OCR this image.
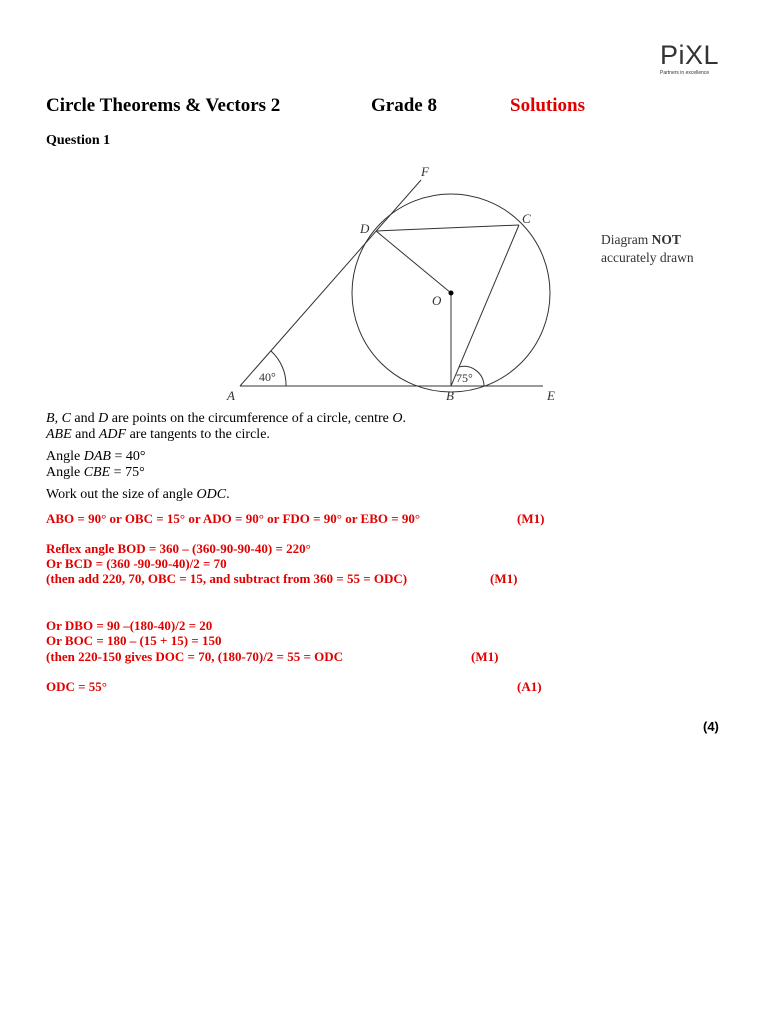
PiXL
Partners in excellence
Circle Theorems & Vectors 2	Grade 8	Solutions
Question 1
A	B
C
D
E
F
O
40°	75°
Diagram NOT
accurately drawn
B, C and D are points on the circumference of a circle, centre O.
ABE and ADF are tangents to the circle.
Angle DAB = 40°
Angle CBE = 75°
Work out the size of angle ODC.
ABO = 90° or OBC = 15° or ADO = 90° or FDO = 90° or EBO = 90°	(M1)
Reflex angle BOD = 360 – (360-90-90-40) = 220°
Or BCD = (360 -90-90-40)/2 = 70
(then add 220, 70, OBC = 15, and subtract from 360 = 55 = ODC)	(M1)
Or DBO = 90 –(180-40)/2 = 20
Or BOC = 180 – (15 + 15) = 150
(then 220-150 gives DOC = 70, (180-70)/2 = 55 = ODC	(M1)
ODC = 55°	(A1)
(4)
